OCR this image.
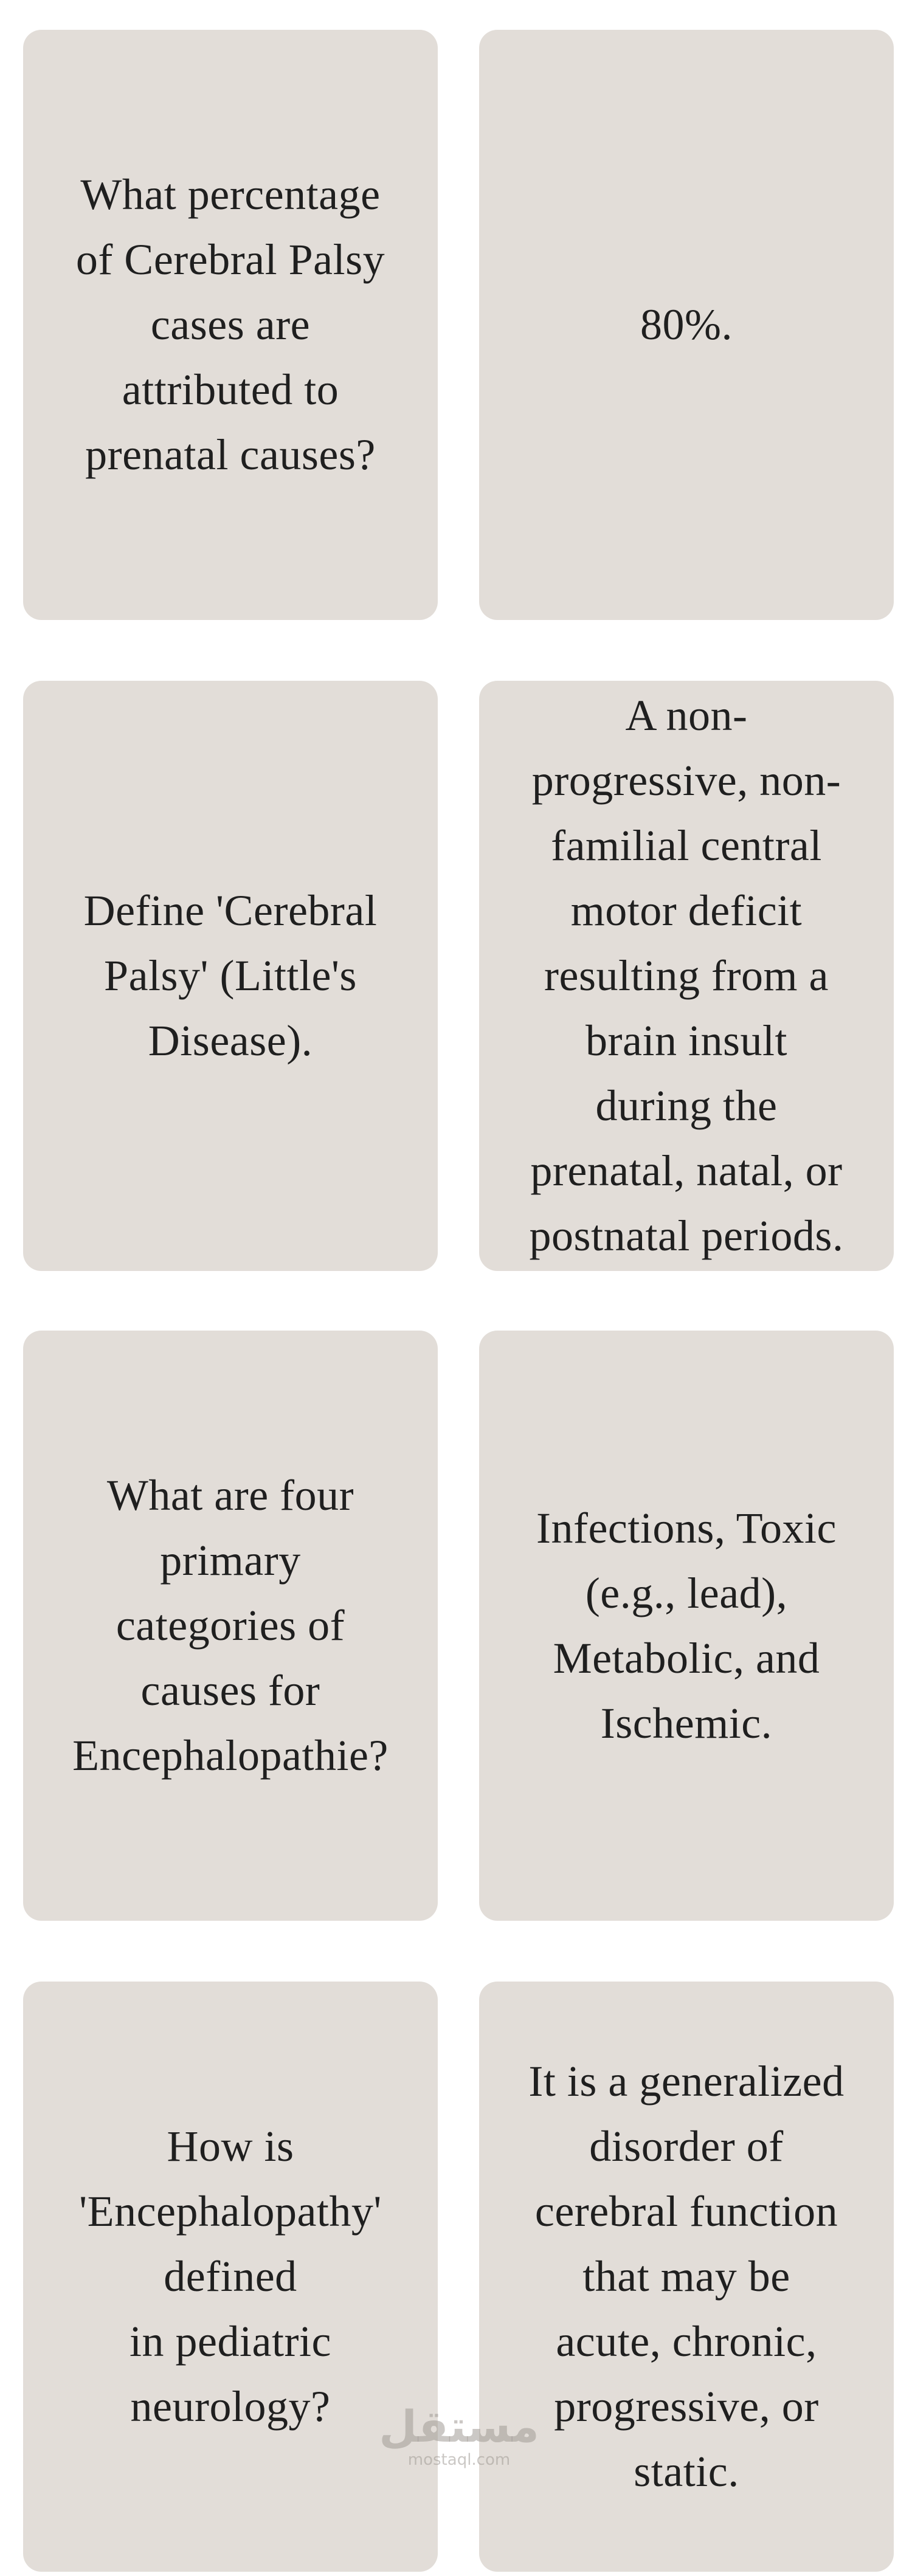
What percentage
of Cerebral Palsy
cases are
attributed to
prenatal causes?

80%.

Define 'Cerebral
Palsy' (Little's
Disease).

A non-
progressive, non-
familial central
motor deficit
resulting from a
brain insult
during the
prenatal, natal, or
postnatal periods.

What are four
primary
categories of
causes for
Encephalopathie?

Infections, Toxic
(e.g., lead),
Metabolic, and
Ischemic.

How is
'Encephalopathy'
defined
in pediatric
neurology?

It is a generalized
disorder of
cerebral function
that may be
acute, chronic,
progressive, or
static.

مستقل
mostaql.com
